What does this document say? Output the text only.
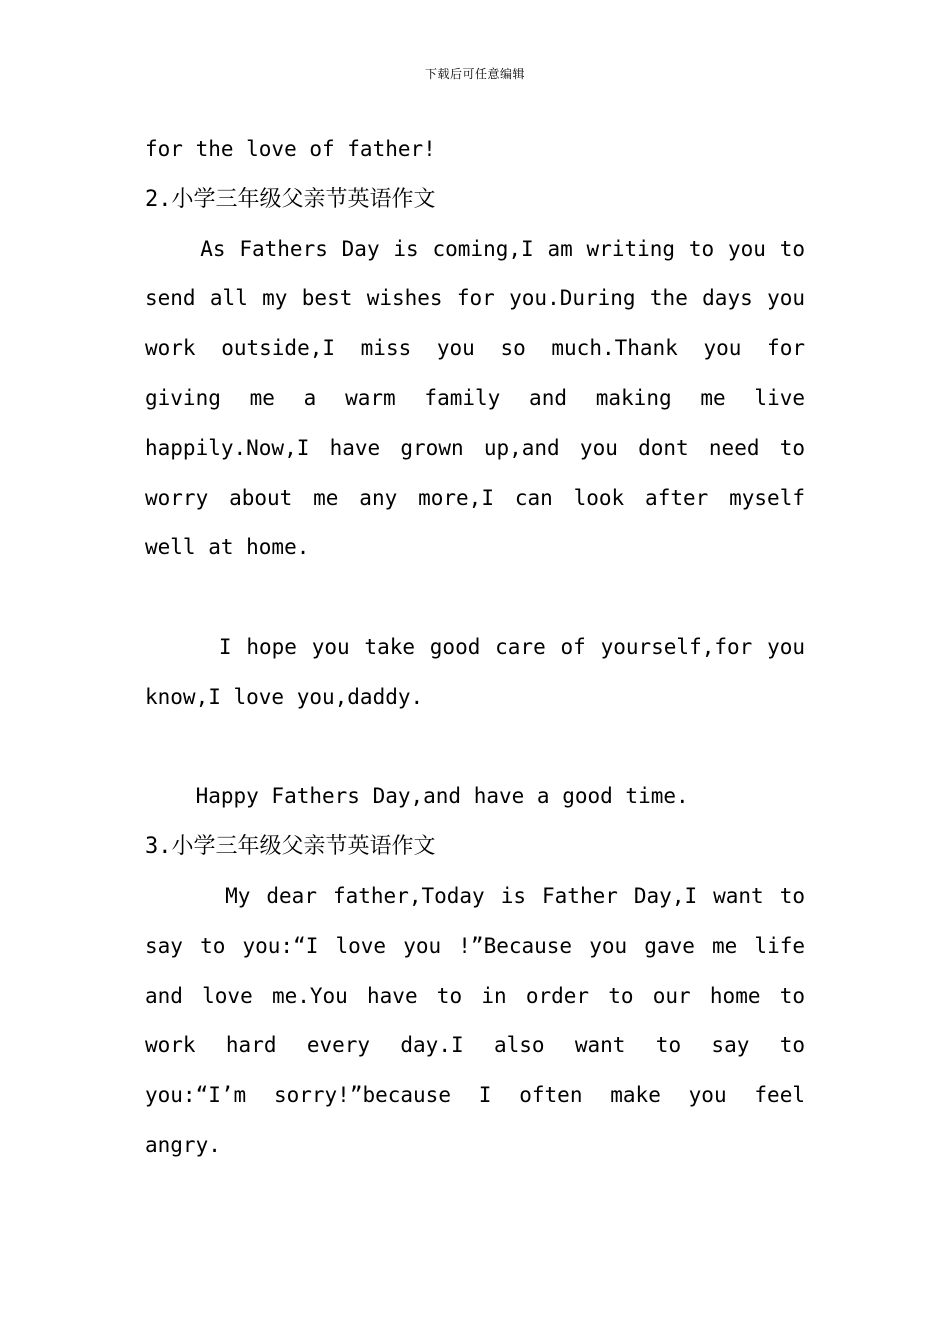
下载后可任意编辑
for the love of father!
2.小学三年级父亲节英语作文
As Fathers Day is coming,I am writing to you to
send all my best wishes for you.During the days you
work outside,I miss you so much.Thank you for
giving me a warm family and making me live
happily.Now,I have grown up,and you dont need to
worry about me any more,I can look after myself
well at home.
I hope you take good care of yourself,for you
know,I love you,daddy.
Happy Fathers Day,and have a good time.
3.小学三年级父亲节英语作文
My dear father,Today is Father Day,I want to
say to you:“I love you !”Because you gave me life
and love me.You have to in order to our home to
work hard every day.I also want to say to
you:“I’m sorry!”because I often make you feel
angry.
